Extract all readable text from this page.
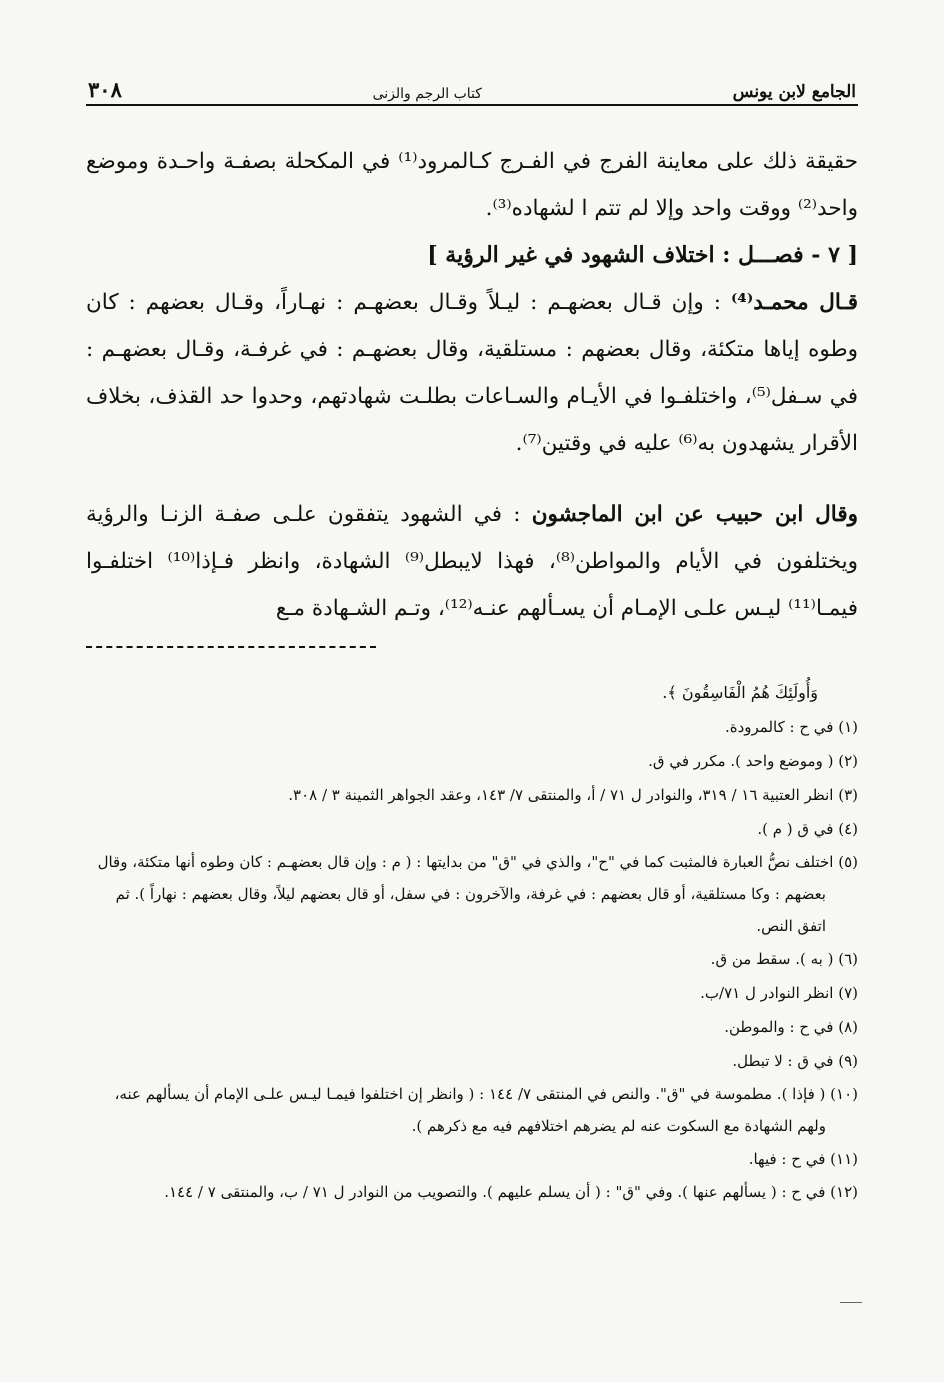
الجامع لابن يونس
كتاب الرجم والزنى
٣٠٨

حقيقة ذلك على معاينة الفرج في الفـرج كـالمرود⁽¹⁾ في المكحلة بصفـة واحـدة وموضع واحد⁽²⁾ ووقت واحد وإلا لم تتم ا لشهاده⁽³⁾.

[ ٧ - فصـــل : اختلاف الشهود في غير الرؤية ]

قـال محمـد⁽⁴⁾ : وإن قـال بعضهـم : ليـلاً وقـال بعضهـم : نهـاراً، وقـال بعضهم : كان وطوه إياها متكئة، وقال بعضهم : مستلقية، وقال بعضهـم : في غرفـة، وقـال بعضهـم : في سـفل⁽⁵⁾، واختلفـوا في الأيـام والسـاعات بطلـت شهادتهم، وحدوا حد القذف، بخلاف الأقرار يشهدون به⁽⁶⁾ عليه في وقتين⁽⁷⁾.

وقال ابن حبيب عن ابن الماجشون : في الشهود يتفقون علـى صفـة الزنـا والرؤية ويختلفون في الأيام والمواطن⁽⁸⁾، فهذا لايبطل⁽⁹⁾ الشهادة، وانظر فـإذا⁽¹⁰⁾ اختلفـوا فيمـا⁽¹¹⁾ ليـس علـى الإمـام أن يسـألهم عنـه⁽¹²⁾، وتـم الشـهادة مـع

وَأُولَئِكَ هُمُ الْفَاسِقُونَ ﴾.
(١) في ح : كالمرودة.
(٢) ( وموضع واحد ). مكرر في ق.
(٣) انظر العتبية ١٦ / ٣١٩، والنوادر ل ٧١ / أ، والمنتقى ٧/ ١٤٣، وعقد الجواهر الثمينة ٣ / ٣٠٨.
(٤) في ق ( م ).
(٥) اختلف نصُّ العبارة فالمثبت كما في "ح"، والذي في "ق" من بدايتها : ( م : وإن قال بعضهـم : كان وطوه أنها متكئة، وقال بعضهم : وكا مستلقية، أو قال بعضهم : في غرفة، والآخرون : في سفل، أو قال بعضهم ليلاً، وقال بعضهم : نهاراً ). ثم اتفق النص.
(٦) ( به ). سقط من ق.
(٧) انظر النوادر ل ٧١/ب.
(٨) في ح : والموطن.
(٩) في ق : لا تبطل.
(١٠) ( فإذا ). مطموسة في "ق". والنص في المنتقى ٧/ ١٤٤ : ( وانظر إن اختلفوا فيمـا ليـس علـى الإمام أن يسألهم عنه، ولهم الشهادة مع السكوت عنه لم يضرهم اختلافهم فيه مع ذكرهم ).
(١١) في ح : فيها.
(١٢) في ح : ( يسألهم عنها ). وفي "ق" : ( أن يسلم عليهم ). والتصويب من النوادر ل ٧١ / ب، والمنتقى ٧ / ١٤٤.
